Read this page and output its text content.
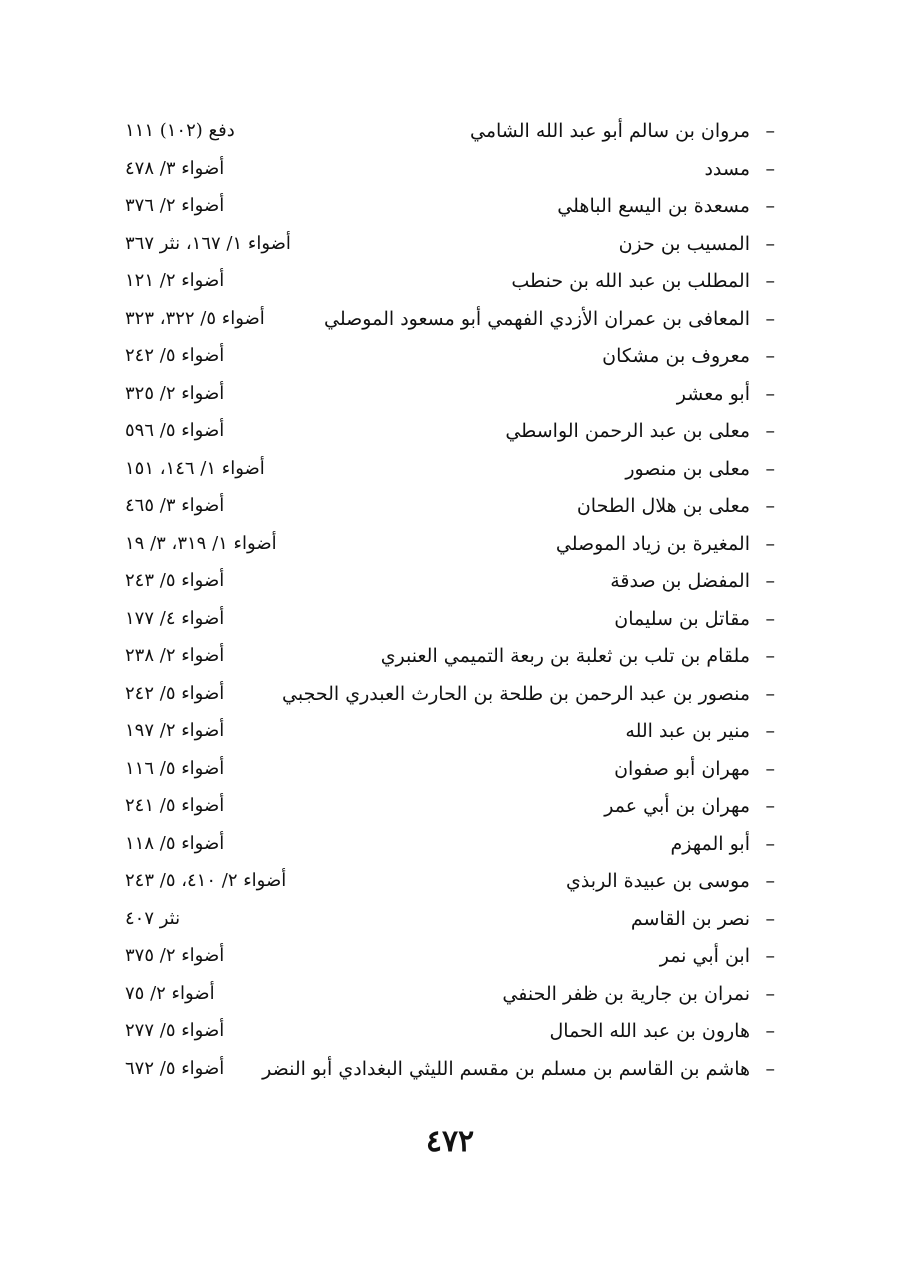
–
مروان بن سالم أبو عبد الله الشامي
دفع (١٠٢) ١١١
–
مسدد
أضواء ٣/ ٤٧٨
–
مسعدة بن اليسع الباهلي
أضواء ٢/ ٣٧٦
–
المسيب بن حزن
أضواء ١/ ١٦٧، نثر ٣٦٧
–
المطلب بن عبد الله بن حنطب
أضواء ٢/ ١٢١
–
المعافى بن عمران الأزدي الفهمي أبو مسعود الموصلي
أضواء ٥/ ٣٢٢، ٣٢٣
–
معروف بن مشكان
أضواء ٥/ ٢٤٢
–
أبو معشر
أضواء ٢/ ٣٢٥
–
معلى بن عبد الرحمن الواسطي
أضواء ٥/ ٥٩٦
–
معلى بن منصور
أضواء ١/ ١٤٦، ١٥١
–
معلى بن هلال الطحان
أضواء ٣/ ٤٦٥
–
المغيرة بن زياد الموصلي
أضواء ١/ ٣١٩، ٣/ ١٩
–
المفضل بن صدقة
أضواء ٥/ ٢٤٣
–
مقاتل بن سليمان
أضواء ٤/ ١٧٧
–
ملقام بن تلب بن ثعلبة بن ربعة التميمي العنبري
أضواء ٢/ ٢٣٨
–
منصور بن عبد الرحمن بن طلحة بن الحارث العبدري الحجبي
أضواء ٥/ ٢٤٢
–
منير بن عبد الله
أضواء ٢/ ١٩٧
–
مهران أبو صفوان
أضواء ٥/ ١١٦
–
مهران بن أبي عمر
أضواء ٥/ ٢٤١
–
أبو المهزم
أضواء ٥/ ١١٨
–
موسى بن عبيدة الربذي
أضواء ٢/ ٤١٠، ٥/ ٢٤٣
–
نصر بن القاسم
نثر ٤٠٧
–
ابن أبي نمر
أضواء ٢/ ٣٧٥
–
نمران بن جارية بن ظفر الحنفي
أضواء ٢/ ٧٥
–
هارون بن عبد الله الحمال
أضواء ٥/ ٢٧٧
–
هاشم بن القاسم بن مسلم بن مقسم الليثي البغدادي أبو النضر
أضواء ٥/ ٦٧٢
٤٧٢
